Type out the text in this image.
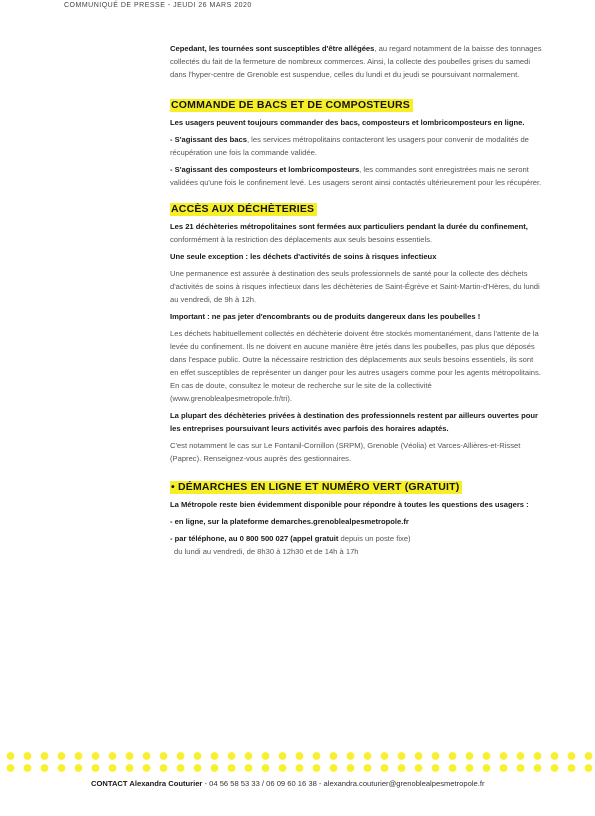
COMMUNIQUÉ DE PRESSE - JEUDI 26 MARS 2020

Cepedant, les tournées sont susceptibles d'être allégées, au regard notamment de la baisse des tonnages collectés du fait de la fermeture de nombreux commerces. Ainsi, la collecte des poubelles grises du samedi dans l'hyper-centre de Grenoble est suspendue, celles du lundi et du jeudi se poursuivant normalement.

COMMANDE DE BACS ET DE COMPOSTEURS

Les usagers peuvent toujours commander des bacs, composteurs et lombricomposteurs en ligne.

- S'agissant des bacs, les services métropolitains contacteront les usagers pour convenir de modalités de récupération une fois la commande validée.

- S'agissant des composteurs et lombricomposteurs, les commandes sont enregistrées mais ne seront validées qu'une fois le confinement levé. Les usagers seront ainsi contactés ultérieurement pour les récupérer.

ACCÈS AUX DÉCHÈTERIES

Les 21 déchèteries métropolitaines sont fermées aux particuliers pendant la durée du confinement, conformément à la restriction des déplacements aux seuls besoins essentiels.

Une seule exception : les déchets d'activités de soins à risques infectieux

Une permanence est assurée à destination des seuls professionnels de santé pour la collecte des déchets d'activités de soins à risques infectieux dans les déchèteries de Saint-Égrève et Saint-Martin-d'Hères, du lundi au vendredi, de 9h à 12h.

Important : ne pas jeter d'encombrants ou de produits dangereux dans les poubelles !

Les déchets habituellement collectés en déchèterie doivent être stockés momentanément, dans l'attente de la levée du confinement. Ils ne doivent en aucune manière être jetés dans les poubelles, pas plus que déposés dans l'espace public. Outre la nécessaire restriction des déplacements aux seuls besoins essentiels, ils sont en effet susceptibles de représenter un danger pour les autres usagers comme pour les agents métropolitains. En cas de doute, consultez le moteur de recherche sur le site de la collectivité (www.grenoblealpesmetropole.fr/tri).

La plupart des déchèteries privées à destination des professionnels restent par ailleurs ouvertes pour les entreprises poursuivant leurs activités avec parfois des horaires adaptés.

C'est notamment le cas sur Le Fontanil-Cornillon (SRPM), Grenoble (Véolia) et Varces-Allières-et-Risset (Paprec). Renseignez-vous auprès des gestionnaires.

• DÉMARCHES EN LIGNE ET NUMÉRO VERT (GRATUIT)

La Métropole reste bien évidemment disponible pour répondre à toutes les questions des usagers :

- en ligne, sur la plateforme demarches.grenoblealpesmetropole.fr

- par téléphone, au 0 800 500 027 (appel gratuit depuis un poste fixe)

du lundi au vendredi, de 8h30 à 12h30 et de 14h à 17h

CONTACT Alexandra Couturier - 04 56 58 53 33 / 06 09 60 16 38 - alexandra.couturier@grenoblealpesmetropole.fr
